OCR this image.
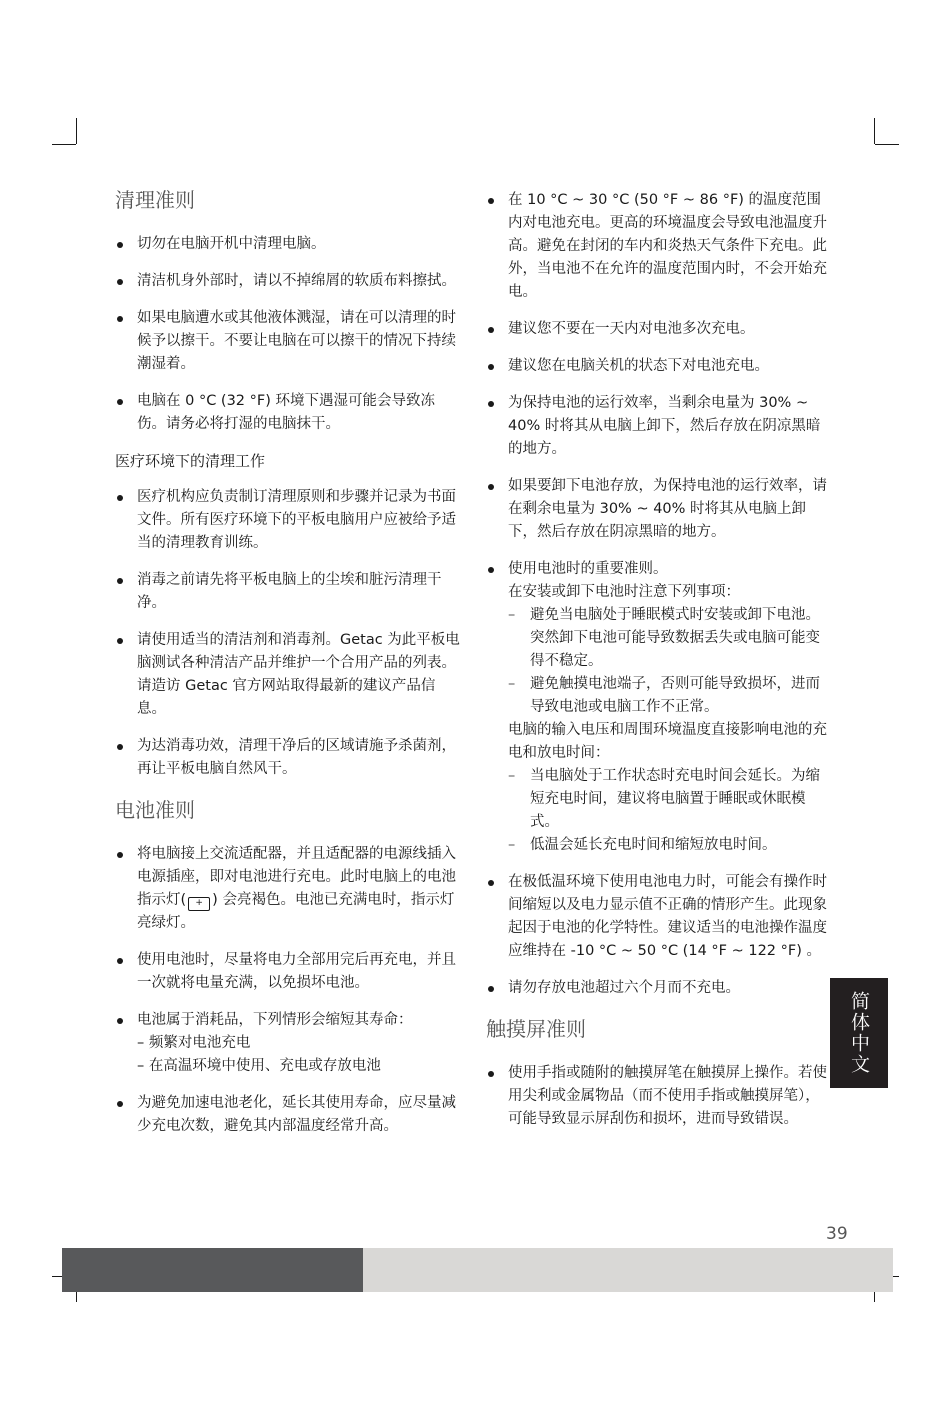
清理准则
切勿在电脑开机中清理电脑。
清洁机身外部时，请以不掉绵屑的软质布料擦拭。
如果电脑遭水或其他液体溅湿，请在可以清理的时候予以擦干。不要让电脑在可以擦干的情况下持续潮湿着。
电脑在 0 °C (32 °F) 环境下遇湿可能会导致冻伤。请务必将打湿的电脑抹干。
医疗环境下的清理工作
医疗机构应负责制订清理原则和步骤并记录为书面文件。所有医疗环境下的平板电脑用户应被给予适当的清理教育训练。
消毒之前请先将平板电脑上的尘埃和脏污清理干净。
请使用适当的清洁剂和消毒剂。Getac 为此平板电脑测试各种清洁产品并维护一个合用产品的列表。请造访 Getac 官方网站取得最新的建议产品信息。
为达消毒功效，清理干净后的区域请施予杀菌剂，再让平板电脑自然风干。
电池准则
将电脑接上交流适配器，并且适配器的电源线插入电源插座，即对电池进行充电。此时电脑上的电池指示灯( + ) 会亮褐色。电池已充满电时，指示灯亮绿灯。
使用电池时，尽量将电力全部用完后再充电，并且一次就将电量充满，以免损坏电池。
电池属于消耗品，下列情形会缩短其寿命：
– 频繁对电池充电
– 在高温环境中使用、充电或存放电池
为避免加速电池老化，延长其使用寿命，应尽量减少充电次数，避免其内部温度经常升高。
在 10 °C ~ 30 °C (50 °F ~ 86 °F) 的温度范围内对电池充电。更高的环境温度会导致电池温度升高。避免在封闭的车内和炎热天气条件下充电。此外，当电池不在允许的温度范围内时，不会开始充电。
建议您不要在一天内对电池多次充电。
建议您在电脑关机的状态下对电池充电。
为保持电池的运行效率，当剩余电量为 30% ~ 40% 时将其从电脑上卸下，然后存放在阴凉黑暗的地方。
如果要卸下电池存放，为保持电池的运行效率，请在剩余电量为 30% ~ 40% 时将其从电脑上卸下，然后存放在阴凉黑暗的地方。
使用电池时的重要准则。
在安装或卸下电池时注意下列事项：
– 避免当电脑处于睡眠模式时安装或卸下电池。突然卸下电池可能导致数据丢失或电脑可能变得不稳定。
– 避免触摸电池端子，否则可能导致损坏，进而导致电池或电脑工作不正常。
电脑的输入电压和周围环境温度直接影响电池的充电和放电时间：
– 当电脑处于工作状态时充电时间会延长。为缩短充电时间，建议将电脑置于睡眠或休眠模式。
– 低温会延长充电时间和缩短放电时间。
在极低温环境下使用电池电力时，可能会有操作时间缩短以及电力显示值不正确的情形产生。此现象起因于电池的化学特性。建议适当的电池操作温度应维持在 -10 °C ~ 50 °C (14 °F ~ 122 °F) 。
请勿存放电池超过六个月而不充电。
触摸屏准则
使用手指或随附的触摸屏笔在触摸屏上操作。若使用尖利或金属物品（而不使用手指或触摸屏笔），可能导致显示屏刮伤和损坏，进而导致错误。
简体中文
39
